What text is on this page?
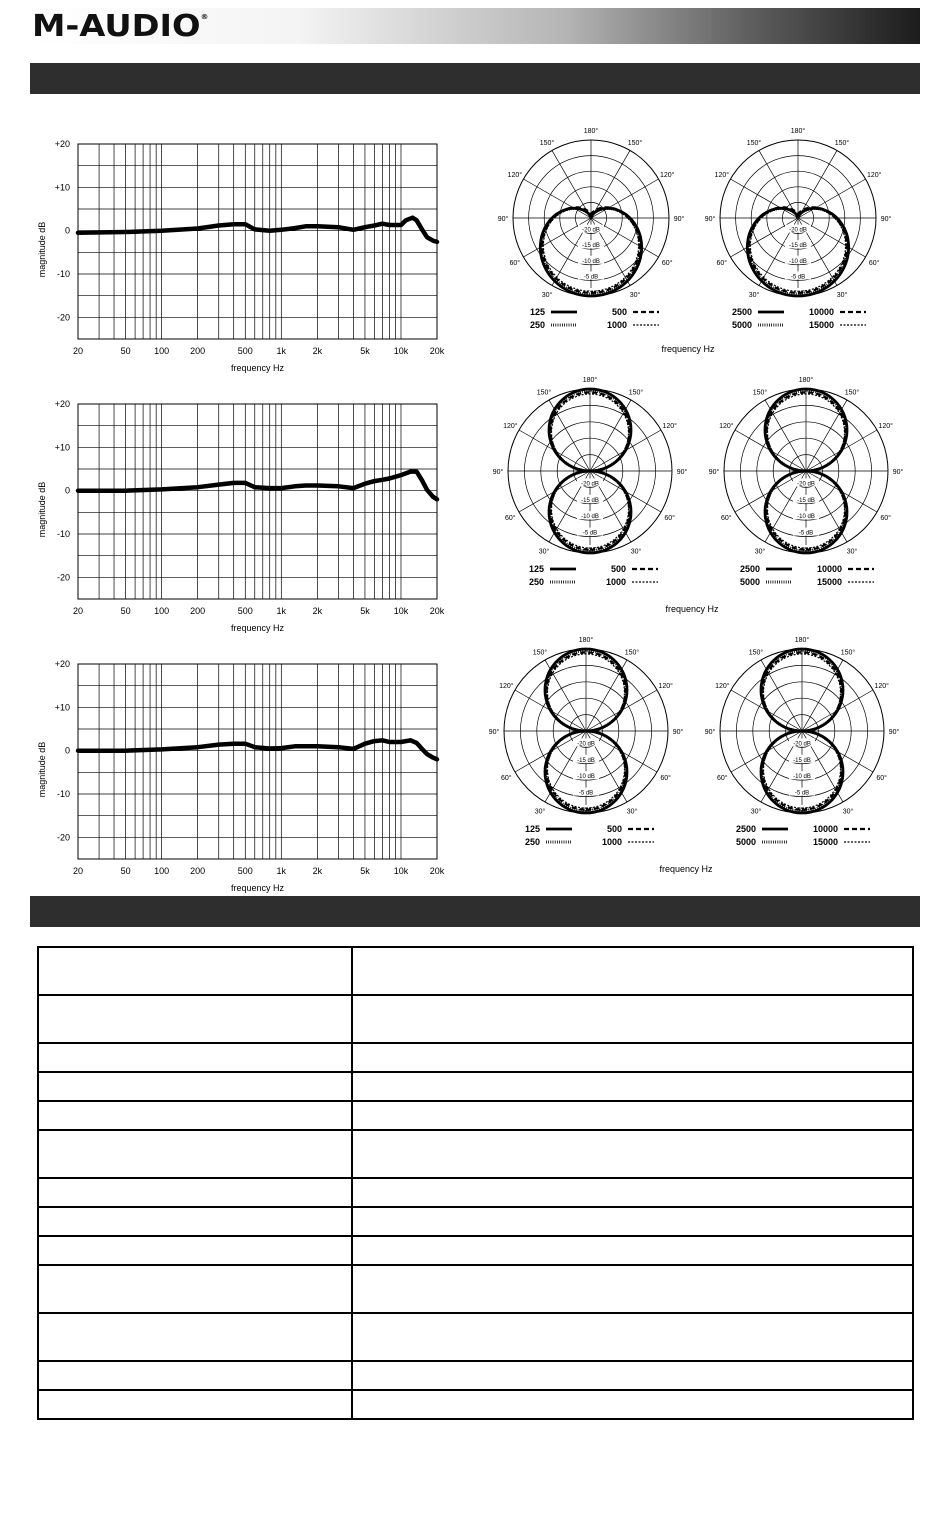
M-AUDIO®
+20
+10
0
-10
-20
20	50	100 200	500	1k	2k	5k	10k 20k
frequency Hz
magnitude dB
+20
+10
0
-10
-20
20	50	100 200	500	1k	2k	5k	10k 20k
frequency Hz
magnitude dB
+20
+10
0
-10
-20
20	50	100 200	500	1k	2k	5k	10k 20k
frequency Hz
magnitude dB
180°
150°	150°
120°	120°
90°	90°
60°	60°
30°	30°
-20 dB
-15 dB
-10 dB
-5 dB
+5 dB
125	500
250	1000
180°
150°	150°
120°	120°
90°	90°
60°	60°
30°	30°
-20 dB
-15 dB
-10 dB
-5 dB
+5 dB
2500	10000
5000	15000
180°
150°	150°
120°	120°
90°	90°
60°	60°
30°	30°
-20 dB
-15 dB
-10 dB
-5 dB
+5 dB
125	500
250	1000
180°
150°	150°
120°	120°
90°	90°
60°	60°
30°	30°
-20 dB
-15 dB
-10 dB
-5 dB
+5 dB
2500	10000
5000	15000
180°
150°	150°
120°	120°
90°	90°
60°	60°
30°	30°
-20 dB
-15 dB
-10 dB
-5 dB
+5 dB
125	500
250	1000
180°
150°	150°
120°	120°
90°	90°
60°	60°
30°	30°
-20 dB
-15 dB
-10 dB
-5 dB
+5 dB
2500	10000
5000	15000
frequency Hz
frequency Hz
frequency Hz
